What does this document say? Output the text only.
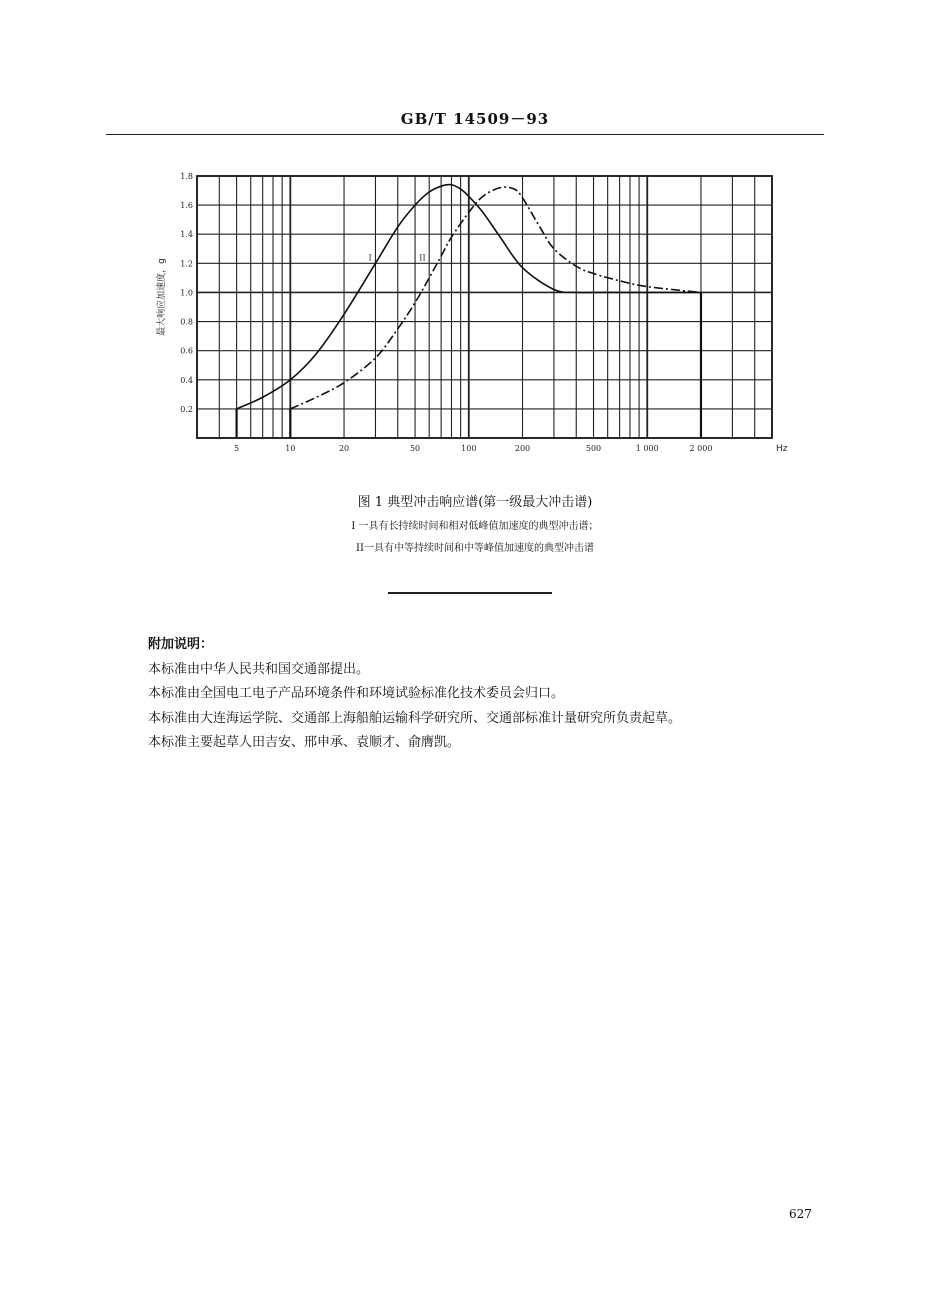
GB/T 14509－93
0.2
0.4
0.6
0.8
1.0
1.2
1.4
1.6
1.8
5	10	20	50	100	200	500	1 000	2 000	Hz
最大响应加速度，g
I	II
图 1 典型冲击响应谱(第一级最大冲击谱)
I 一具有长持续时间和相对低峰值加速度的典型冲击谱；
II一具有中等持续时间和中等峰值加速度的典型冲击谱
附加说明：
本标准由中华人民共和国交通部提出。
本标准由全国电工电子产品环境条件和环境试验标准化技术委员会归口。
本标准由大连海运学院、交通部上海船舶运输科学研究所、交通部标准计量研究所负责起草。
本标准主要起草人田吉安、邢申承、袁顺才、俞膺凯。
627
